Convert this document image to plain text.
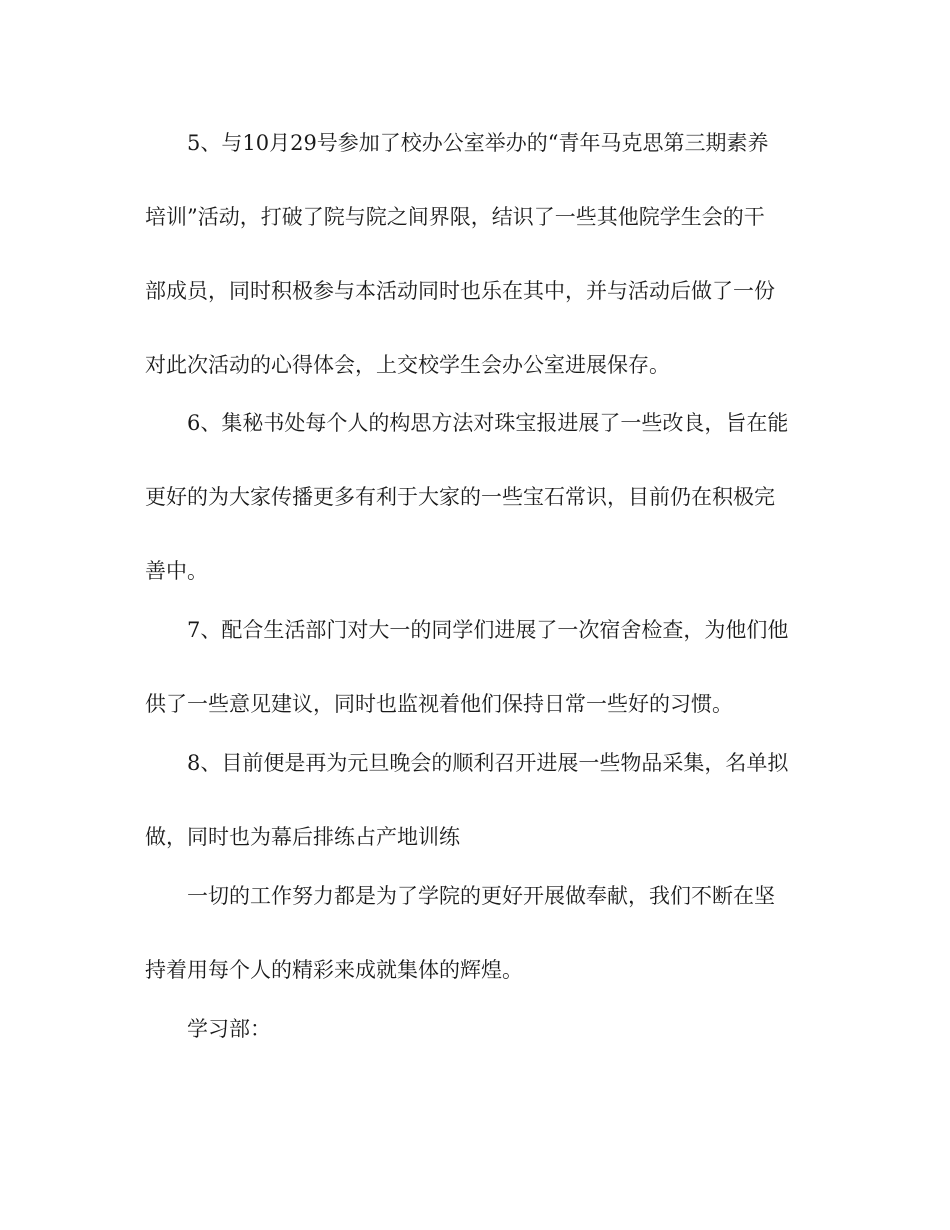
5、与10月29号参加了校办公室举办的“青年马克思第三期素养
培训”活动，打破了院与院之间界限，结识了一些其他院学生会的干
部成员，同时积极参与本活动同时也乐在其中，并与活动后做了一份
对此次活动的心得体会，上交校学生会办公室进展保存。
6、集秘书处每个人的构思方法对珠宝报进展了一些改良，旨在能
更好的为大家传播更多有利于大家的一些宝石常识，目前仍在积极完
善中。
7、配合生活部门对大一的同学们进展了一次宿舍检查，为他们他
供了一些意见建议，同时也监视着他们保持日常一些好的习惯。
8、目前便是再为元旦晚会的顺利召开进展一些物品采集，名单拟
做，同时也为幕后排练占产地训练
一切的工作努力都是为了学院的更好开展做奉献，我们不断在坚
持着用每个人的精彩来成就集体的辉煌。
学习部：
